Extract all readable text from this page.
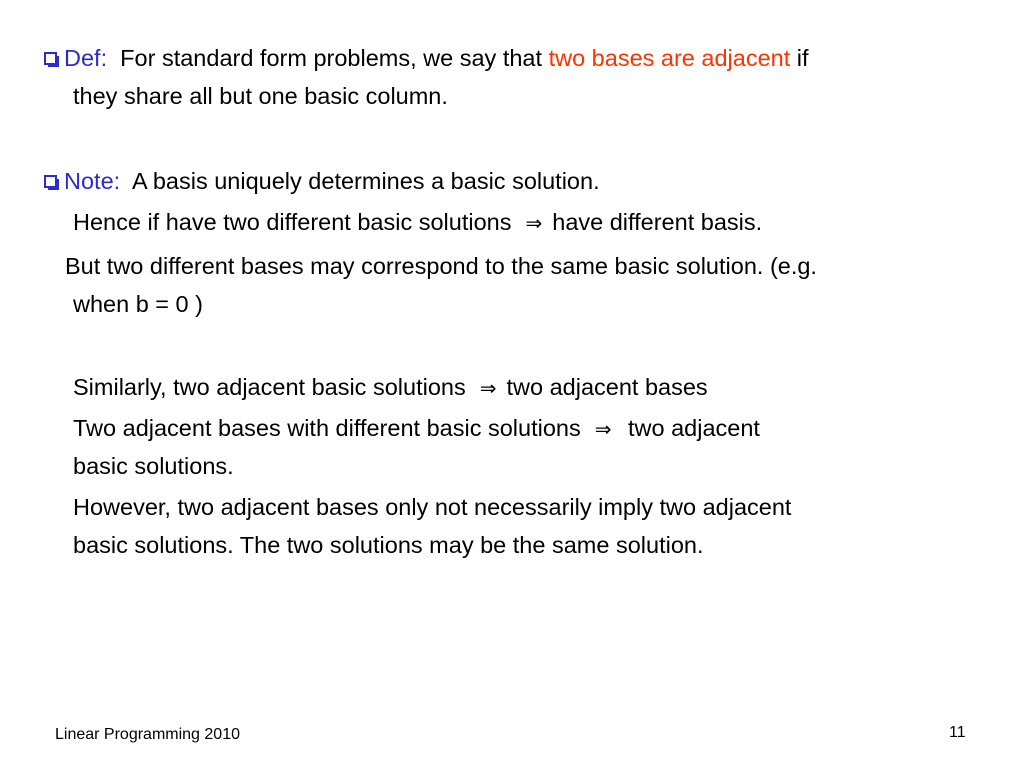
Def: For standard form problems, we say that two bases are adjacent if
they share all but one basic column.
Note: A basis uniquely determines a basic solution.
Hence if have two different basic solutions ⇒ have different basis.
But two different bases may correspond to the same basic solution. (e.g.
when b = 0 )
Similarly, two adjacent basic solutions ⇒ two adjacent bases
Two adjacent bases with different basic solutions ⇒ two adjacent
basic solutions.
However, two adjacent bases only not necessarily imply two adjacent
basic solutions. The two solutions may be the same solution.
Linear Programming 2010	11
